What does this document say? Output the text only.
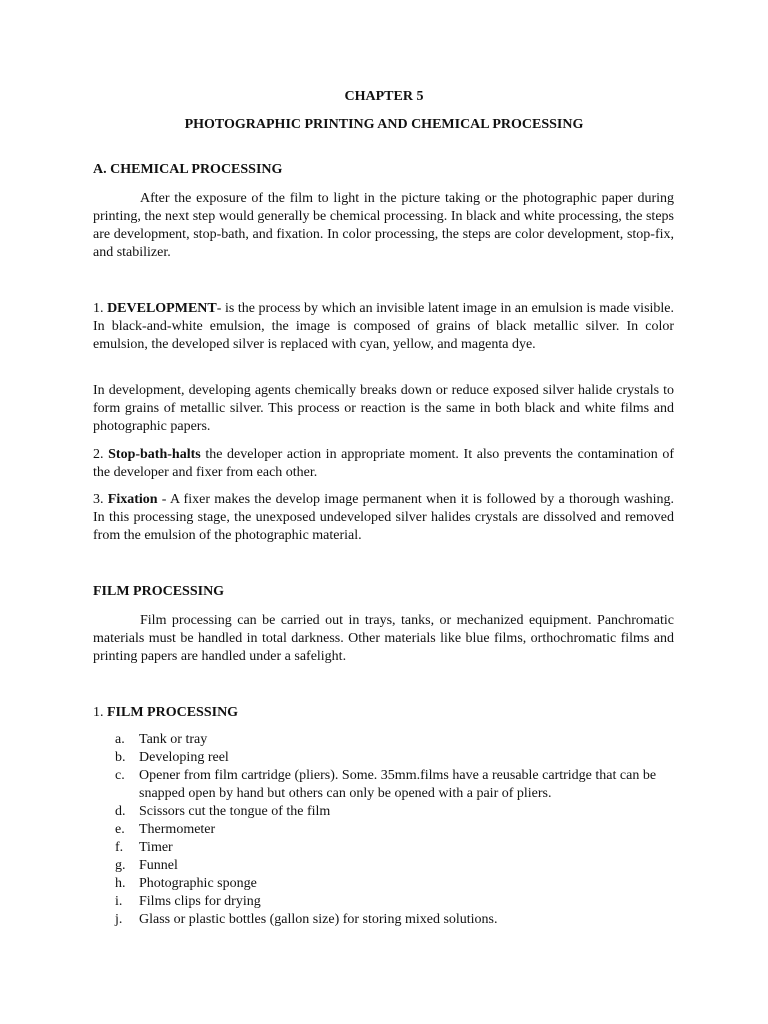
CHAPTER 5

PHOTOGRAPHIC PRINTING AND CHEMICAL PROCESSING

A. CHEMICAL PROCESSING

After the exposure of the film to light in the picture taking or the photographic paper during printing, the next step would generally be chemical processing. In black and white processing, the steps are development, stop-bath, and fixation. In color processing, the steps are color development, stop-fix, and stabilizer.

1. DEVELOPMENT- is the process by which an invisible latent image in an emulsion is made visible. In black-and-white emulsion, the image is composed of grains of black metallic silver. In color emulsion, the developed silver is replaced with cyan, yellow, and magenta dye.

In development, developing agents chemically breaks down or reduce exposed silver halide crystals to form grains of metallic silver. This process or reaction is the same in both black and white films and photographic papers.

2. Stop-bath-halts the developer action in appropriate moment. It also prevents the contamination of the developer and fixer from each other.

3. Fixation - A fixer makes the develop image permanent when it is followed by a thorough washing. In this processing stage, the unexposed undeveloped silver halides crystals are dissolved and removed from the emulsion of the photographic material.

FILM PROCESSING

Film processing can be carried out in trays, tanks, or mechanized equipment. Panchromatic materials must be handled in total darkness. Other materials like blue films, orthochromatic films and printing papers are handled under a safelight.

1. FILM PROCESSING

a. Tank or tray
b. Developing reel
c. Opener from film cartridge (pliers). Some. 35mm.films have a reusable cartridge that can be snapped open by hand but others can only be opened with a pair of pliers.
d. Scissors cut the tongue of the film
e. Thermometer
f. Timer
g. Funnel
h. Photographic sponge
i. Films clips for drying
j. Glass or plastic bottles (gallon size) for storing mixed solutions.
